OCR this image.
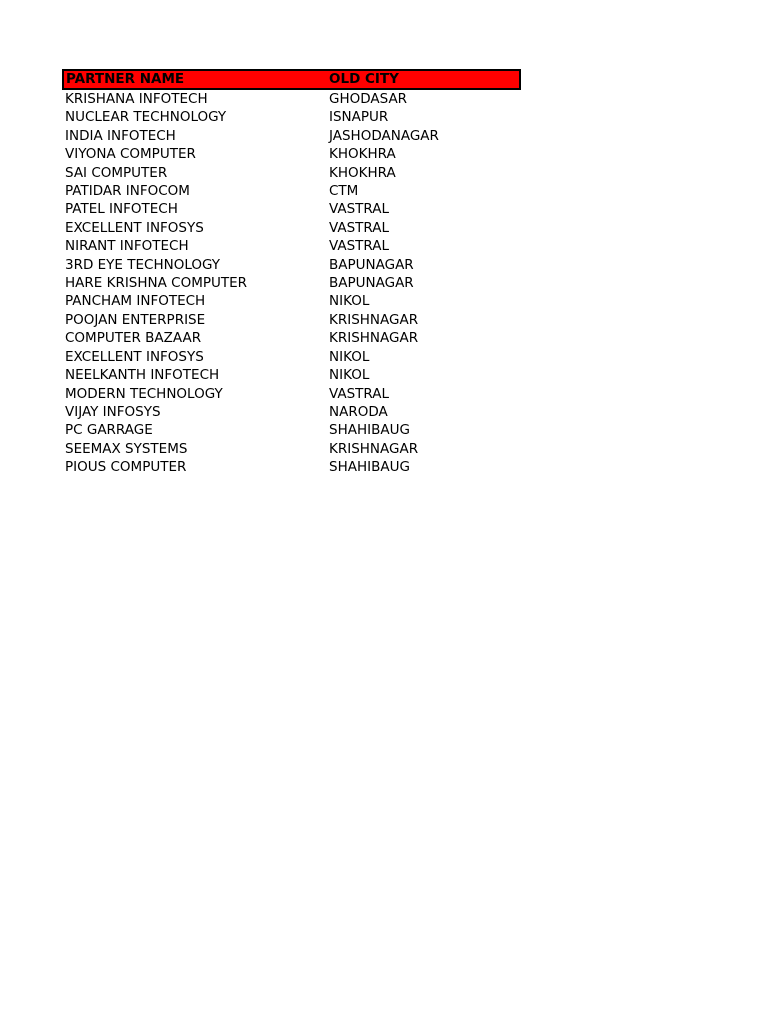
PARTNER NAME	OLD CITY
KRISHANA INFOTECH	GHODASAR
NUCLEAR TECHNOLOGY	ISNAPUR
INDIA INFOTECH	JASHODANAGAR
VIYONA COMPUTER	KHOKHRA
SAI COMPUTER	KHOKHRA
PATIDAR INFOCOM	CTM
PATEL INFOTECH	VASTRAL
EXCELLENT INFOSYS	VASTRAL
NIRANT INFOTECH	VASTRAL
3RD EYE TECHNOLOGY	BAPUNAGAR
HARE KRISHNA COMPUTER	BAPUNAGAR
PANCHAM INFOTECH	NIKOL
POOJAN ENTERPRISE	KRISHNAGAR
COMPUTER BAZAAR	KRISHNAGAR
EXCELLENT INFOSYS	NIKOL
NEELKANTH INFOTECH	NIKOL
MODERN TECHNOLOGY	VASTRAL
VIJAY INFOSYS	NARODA
PC GARRAGE	SHAHIBAUG
SEEMAX SYSTEMS	KRISHNAGAR
PIOUS COMPUTER	SHAHIBAUG
